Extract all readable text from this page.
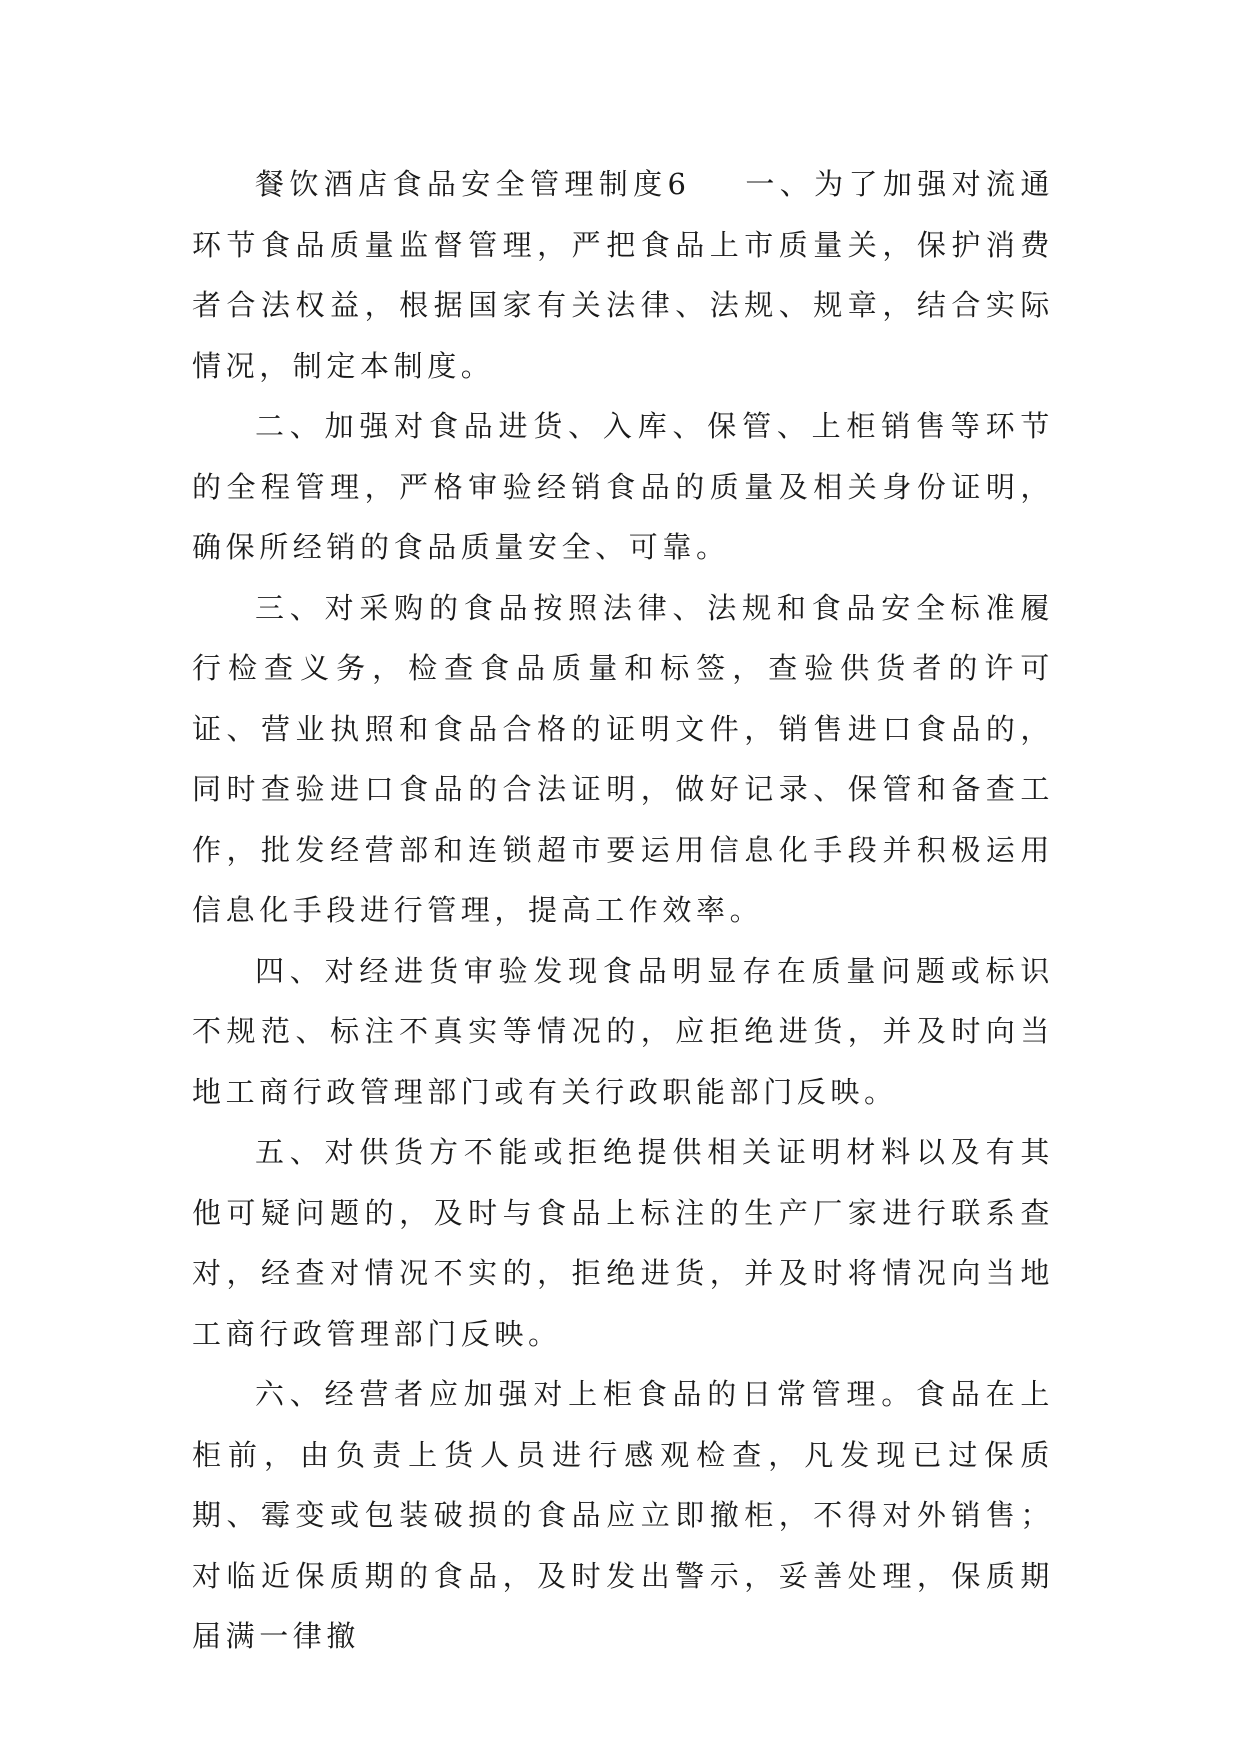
餐饮酒店食品安全管理制度6 一、为了加强对流通环节食品质量监督管理，严把食品上市质量关，保护消费者合法权益，根据国家有关法律、法规、规章，结合实际情况，制定本制度。

二、加强对食品进货、入库、保管、上柜销售等环节的全程管理，严格审验经销食品的质量及相关身份证明，确保所经销的食品质量安全、可靠。

三、对采购的食品按照法律、法规和食品安全标准履行检查义务，检查食品质量和标签，查验供货者的许可证、营业执照和食品合格的证明文件，销售进口食品的，同时查验进口食品的合法证明，做好记录、保管和备查工作，批发经营部和连锁超市要运用信息化手段并积极运用信息化手段进行管理，提高工作效率。

四、对经进货审验发现食品明显存在质量问题或标识不规范、标注不真实等情况的，应拒绝进货，并及时向当地工商行政管理部门或有关行政职能部门反映。

五、对供货方不能或拒绝提供相关证明材料以及有其他可疑问题的，及时与食品上标注的生产厂家进行联系查对，经查对情况不实的，拒绝进货，并及时将情况向当地工商行政管理部门反映。

六、经营者应加强对上柜食品的日常管理。食品在上柜前，由负责上货人员进行感观检查，凡发现已过保质期、霉变或包装破损的食品应立即撤柜，不得对外销售；对临近保质期的食品，及时发出警示，妥善处理，保质期届满一律撤
